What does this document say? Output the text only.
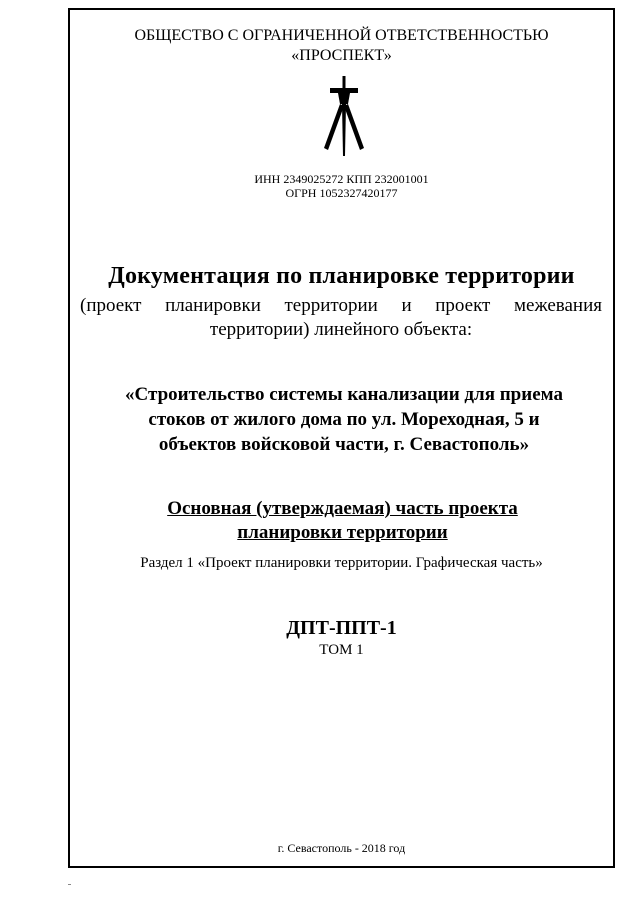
ОБЩЕСТВО С ОГРАНИЧЕННОЙ ОТВЕТСТВЕННОСТЬЮ
«ПРОСПЕКТ»
ИНН 2349025272 КПП 232001001
ОГРН 1052327420177
Документация по планировке территории
(проект планировки территории и проект межевания территории) линейного объекта:
«Строительство системы канализации для приема
стоков от жилого дома по ул. Мореходная, 5 и
объектов войсковой части, г. Севастополь»
Основная (утверждаемая) часть проекта
планировки территории
Раздел 1 «Проект планировки территории. Графическая часть»
ДПТ-ППТ-1
ТОМ 1
г. Севастополь - 2018 год
